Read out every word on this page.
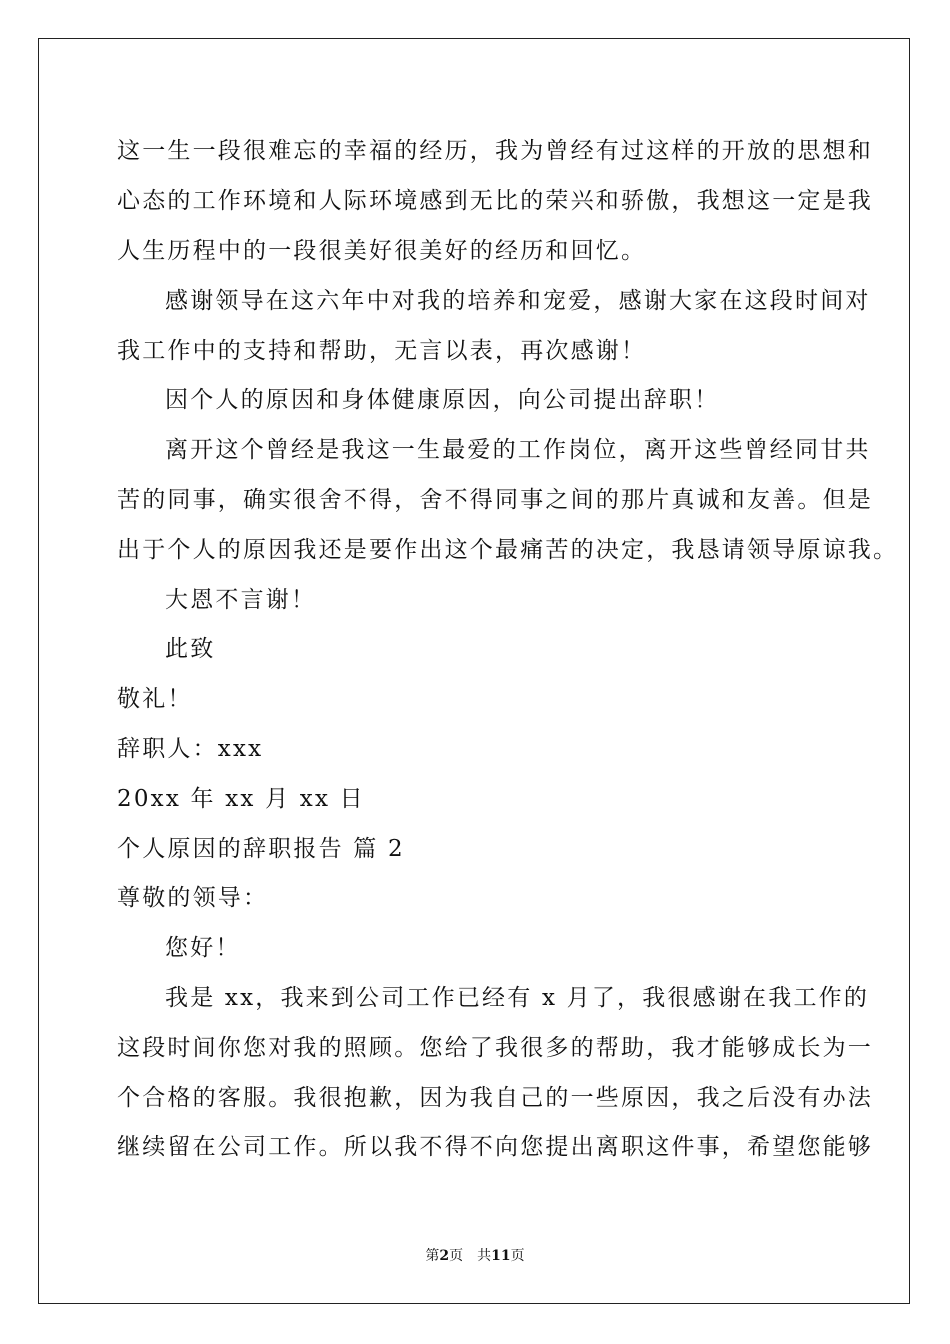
这一生一段很难忘的幸福的经历，我为曾经有过这样的开放的思想和
心态的工作环境和人际环境感到无比的荣兴和骄傲，我想这一定是我
人生历程中的一段很美好很美好的经历和回忆。
感谢领导在这六年中对我的培养和宠爱，感谢大家在这段时间对
我工作中的支持和帮助，无言以表，再次感谢！
因个人的原因和身体健康原因，向公司提出辞职！
离开这个曾经是我这一生最爱的工作岗位，离开这些曾经同甘共
苦的同事，确实很舍不得，舍不得同事之间的那片真诚和友善。但是
出于个人的原因我还是要作出这个最痛苦的决定，我恳请领导原谅我。
大恩不言谢！
此致
敬礼！
辞职人：xxx
20xx 年 xx 月 xx 日
个人原因的辞职报告 篇 2
尊敬的领导：
您好！
我是 xx，我来到公司工作已经有 x 月了，我很感谢在我工作的
这段时间你您对我的照顾。您给了我很多的帮助，我才能够成长为一
个合格的客服。我很抱歉，因为我自己的一些原因，我之后没有办法
继续留在公司工作。所以我不得不向您提出离职这件事，希望您能够
第2页 共11页
